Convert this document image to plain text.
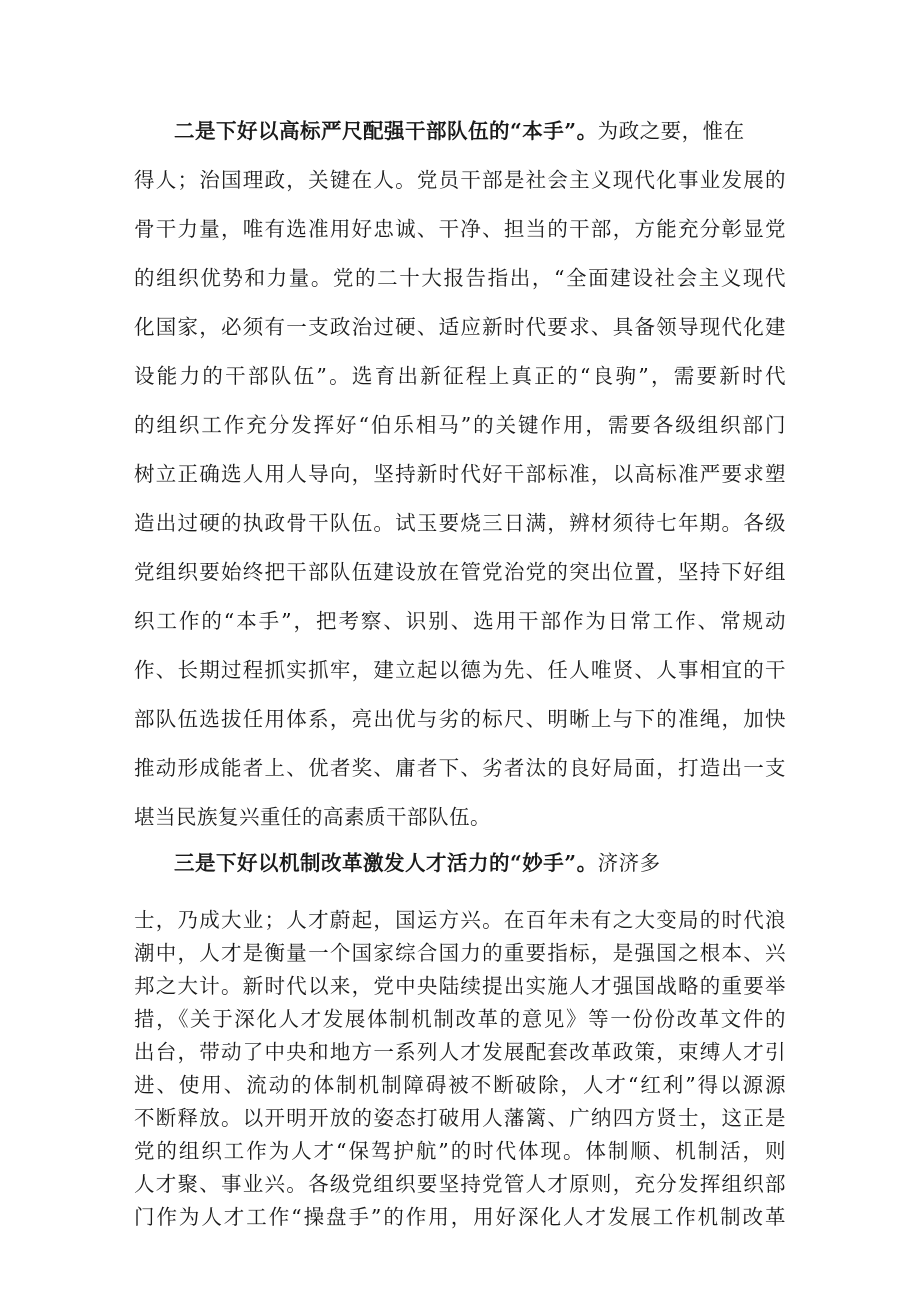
二是下好以高标严尺配强干部队伍的“本手”。为政之要，惟在
得人；治国理政，关键在人。党员干部是社会主义现代化事业发展的
骨干力量，唯有选准用好忠诚、干净、担当的干部，方能充分彰显党
的组织优势和力量。党的二十大报告指出，“全面建设社会主义现代
化国家，必须有一支政治过硬、适应新时代要求、具备领导现代化建
设能力的干部队伍”。选育出新征程上真正的“良驹”，需要新时代
的组织工作充分发挥好“伯乐相马”的关键作用，需要各级组织部门
树立正确选人用人导向，坚持新时代好干部标准，以高标准严要求塑
造出过硬的执政骨干队伍。试玉要烧三日满，辨材须待七年期。各级
党组织要始终把干部队伍建设放在管党治党的突出位置，坚持下好组
织工作的“本手”，把考察、识别、选用干部作为日常工作、常规动
作、长期过程抓实抓牢，建立起以德为先、任人唯贤、人事相宜的干
部队伍选拔任用体系，亮出优与劣的标尺、明晰上与下的准绳，加快
推动形成能者上、优者奖、庸者下、劣者汰的良好局面，打造出一支
堪当民族复兴重任的高素质干部队伍。
三是下好以机制改革激发人才活力的“妙手”。济济多
士，乃成大业；人才蔚起，国运方兴。在百年未有之大变局的时代浪
潮中，人才是衡量一个国家综合国力的重要指标，是强国之根本、兴
邦之大计。新时代以来，党中央陆续提出实施人才强国战略的重要举
措，《关于深化人才发展体制机制改革的意见》等一份份改革文件的
出台，带动了中央和地方一系列人才发展配套改革政策，束缚人才引
进、使用、流动的体制机制障碍被不断破除，人才“红利”得以源源
不断释放。以开明开放的姿态打破用人藩篱、广纳四方贤士，这正是
党的组织工作为人才“保驾护航”的时代体现。体制顺、机制活，则
人才聚、事业兴。各级党组织要坚持党管人才原则，充分发挥组织部
门作为人才工作“操盘手”的作用，用好深化人才发展工作机制改革
